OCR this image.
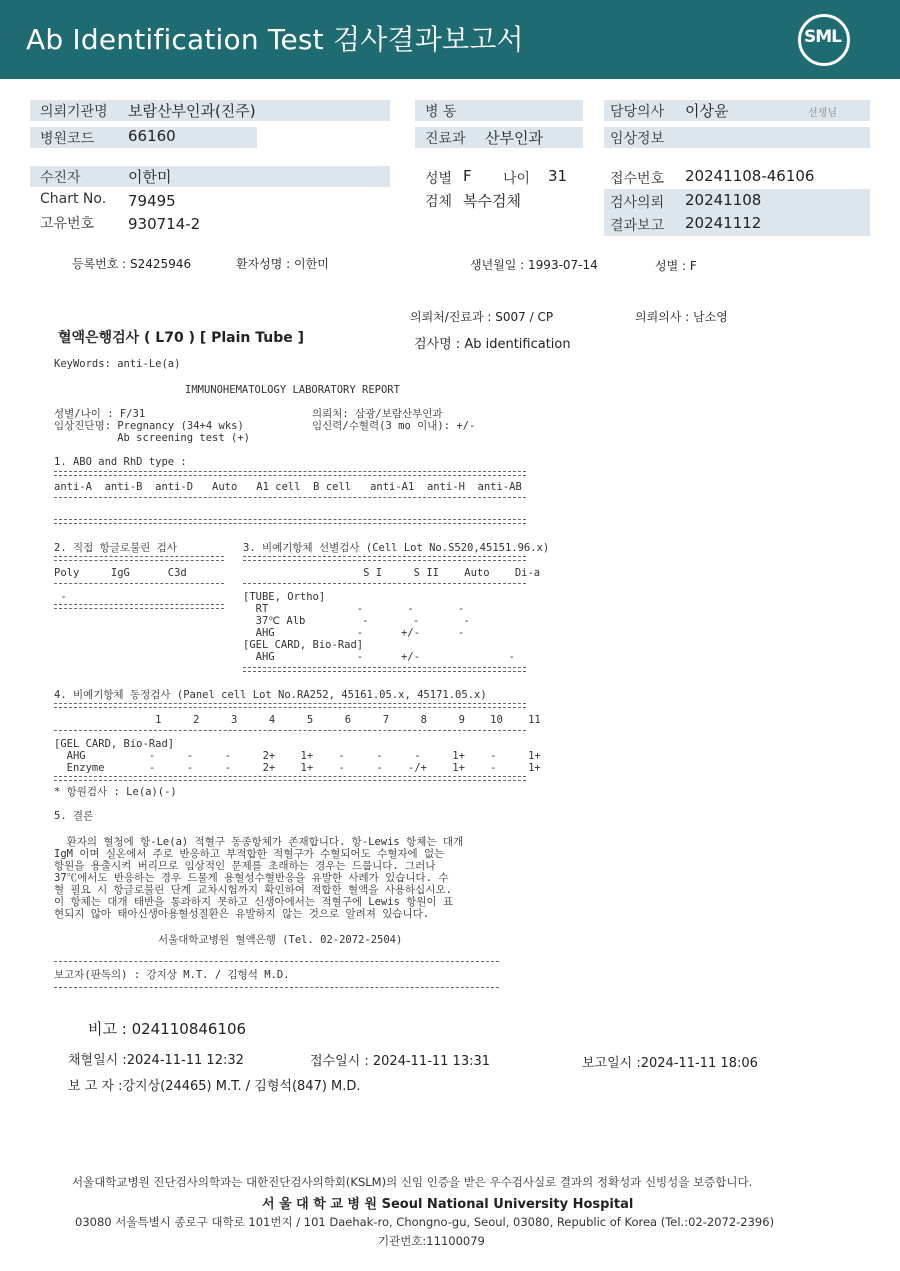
Ab Identification Test 검사결과보고서	SML
의뢰기관명 보람산부인과(진주)
병원코드 66160
병 동
진료과 산부인과
담당의사 이상윤	선생님
임상정보
수진자	이한미
Chart No. 79495
고유번호 930714-2
성별 F 나이 31
검체 복수검체
접수번호 20241108-46106
검사의뢰 20241108
결과보고 20241112
등록번호 : S2425946	환자성명 : 이한미	생년월일 : 1993-07-14	성별 : F
의뢰처/진료과 : S007 / CP	의뢰의사 : 남소영
혈액은행검사 ( L70 ) [ Plain Tube ]	검사명 : Ab identification
KeyWords: anti-Le(a)
IMMUNOHEMATOLOGY LABORATORY REPORT
성별/나이 : F/31
임상진단명: Pregnancy (34+4 wks)
Ab screening test (+)
의뢰처: 삼광/보람산부인과
임신력/수혈력(3 mo 이내): +/-
1. ABO and RhD type :
anti-A  anti-B  anti-D   Auto   A1 cell  B cell   anti-A1  anti-H  anti-AB
2. 직접 항글로불린 검사
Poly     IgG      C3d
-
3. 비예기항체 선별검사 (Cell Lot No.S520,45151.96.x)
S I     S II    Auto    Di-a
[TUBE, Ortho]
RT              -       -       -
37℃ Alb         -       -       -
AHG             -      +/-      -
[GEL CARD, Bio-Rad]
AHG             -      +/-              -
4. 비예기항체 동정검사 (Panel cell Lot No.RA252, 45161.05.x, 45171.05.x)
1     2     3     4     5     6     7     8     9    10    11
[GEL CARD, Bio-Rad]
AHG          -     -     -     2+    1+    -     -     -     1+    -     1+
Enzyme       -     -     -     2+    1+    -     -    -/+    1+    -     1+
* 항원검사 : Le(a)(-)
5. 결론
환자의 혈청에 항-Le(a) 적혈구 동종항체가 존재합니다. 항-Lewis 항체는 대개
IgM 이며 실온에서 주로 반응하고 부적합한 적혈구가 수혈되어도 수혈자에 없는
항원을 용출시켜 버리므로 임상적인 문제를 초래하는 경우는 드뭅니다. 그러나
37℃에서도 반응하는 경우 드물게 용혈성수혈반응을 유발한 사례가 있습니다. 수
혈 필요 시 항글로불린 단계 교차시험까지 확인하여 적합한 혈액을 사용하십시오.
이 항체는 대개 태반을 통과하지 못하고 신생아에서는 적혈구에 Lewis 항원이 표
현되지 않아 태아신생아용혈성질환은 유발하지 않는 것으로 알려져 있습니다.
서울대학교병원 혈액은행 (Tel. 02-2072-2504)
보고자(판독의) : 강지상 M.T. / 김형석 M.D.
비고 : 024110846106
채혈일시 :2024-11-11 12:32	접수일시 : 2024-11-11 13:31	보고일시 :2024-11-11 18:06
보 고 자 :강지상(24465) M.T. / 김형석(847) M.D.
서울대학교병원 진단검사의학과는 대한진단검사의학회(KSLM)의 신임 인증을 받은 우수검사실로 결과의 정확성과 신빙성을 보증합니다.
서 울 대 학 교 병 원 Seoul National University Hospital
03080 서울특별시 종로구 대학로 101번지 / 101 Daehak-ro, Chongno-gu, Seoul, 03080, Republic of Korea (Tel.:02-2072-2396)
기관번호:11100079
